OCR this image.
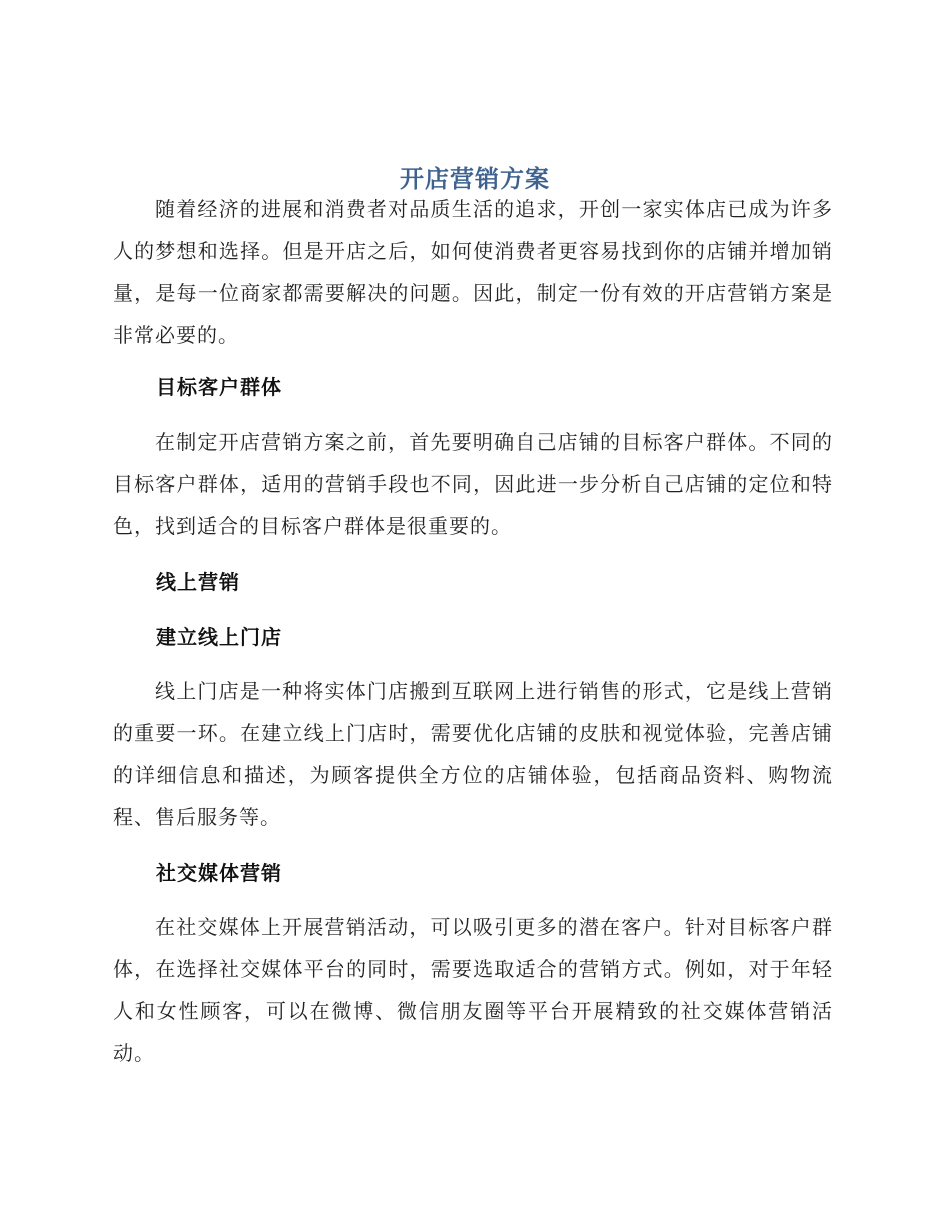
开店营销方案

随着经济的进展和消费者对品质生活的追求，开创一家实体店已成为许多人的梦想和选择。但是开店之后，如何使消费者更容易找到你的店铺并增加销量，是每一位商家都需要解决的问题。因此，制定一份有效的开店营销方案是非常必要的。

目标客户群体

在制定开店营销方案之前，首先要明确自己店铺的目标客户群体。不同的目标客户群体，适用的营销手段也不同，因此进一步分析自己店铺的定位和特色，找到适合的目标客户群体是很重要的。

线上营销
建立线上门店

线上门店是一种将实体门店搬到互联网上进行销售的形式，它是线上营销的重要一环。在建立线上门店时，需要优化店铺的皮肤和视觉体验，完善店铺的详细信息和描述，为顾客提供全方位的店铺体验，包括商品资料、购物流程、售后服务等。

社交媒体营销

在社交媒体上开展营销活动，可以吸引更多的潜在客户。针对目标客户群体，在选择社交媒体平台的同时，需要选取适合的营销方式。例如，对于年轻人和女性顾客，可以在微博、微信朋友圈等平台开展精致的社交媒体营销活动。
